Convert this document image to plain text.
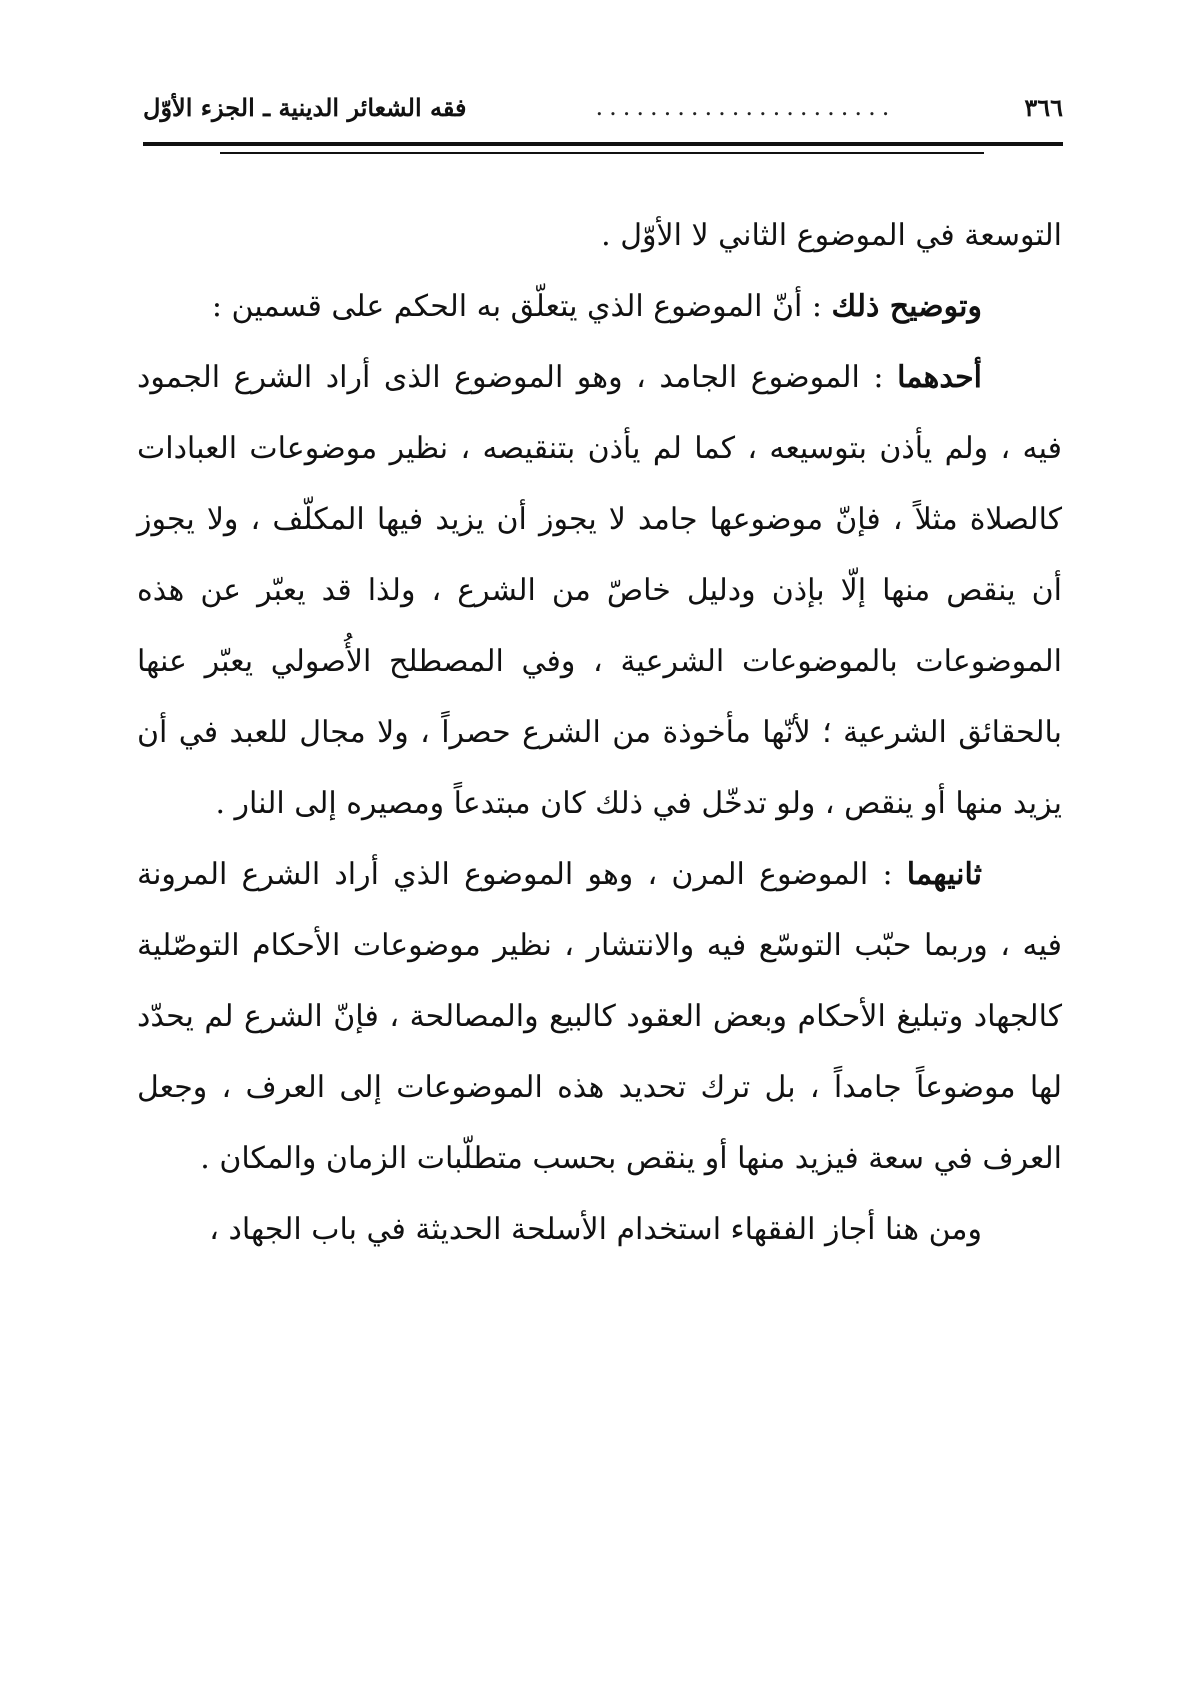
٣٦٦
......................
فقه الشعائر الدينية ـ الجزء الأوّل

التوسعة في الموضوع الثاني لا الأوّل .

وتوضيح ذلك : أنّ الموضوع الذي يتعلّق به الحكم على قسمين :

أحدهما : الموضوع الجامد ، وهو الموضوع الذى أراد الشرع الجمود فيه ، ولم يأذن بتوسيعه ، كما لم يأذن بتنقيصه ، نظير موضوعات العبادات كالصلاة مثلاً ، فإنّ موضوعها جامد لا يجوز أن يزيد فيها المكلّف ، ولا يجوز أن ينقص منها إلّا بإذن ودليل خاصّ من الشرع ، ولذا قد يعبّر عن هذه الموضوعات بالموضوعات الشرعية ، وفي المصطلح الأُصولي يعبّر عنها بالحقائق الشرعية ؛ لأنّها مأخوذة من الشرع حصراً ، ولا مجال للعبد في أن يزيد منها أو ينقص ، ولو تدخّل في ذلك كان مبتدعاً ومصيره إلى النار .

ثانيهما : الموضوع المرن ، وهو الموضوع الذي أراد الشرع المرونة فيه ، وربما حبّب التوسّع فيه والانتشار ، نظير موضوعات الأحكام التوصّلية كالجهاد وتبليغ الأحكام وبعض العقود كالبيع والمصالحة ، فإنّ الشرع لم يحدّد لها موضوعاً جامداً ، بل ترك تحديد هذه الموضوعات إلى العرف ، وجعل العرف في سعة فيزيد منها أو ينقص بحسب متطلّبات الزمان والمكان .

ومن هنا أجاز الفقهاء استخدام الأسلحة الحديثة في باب الجهاد ،
